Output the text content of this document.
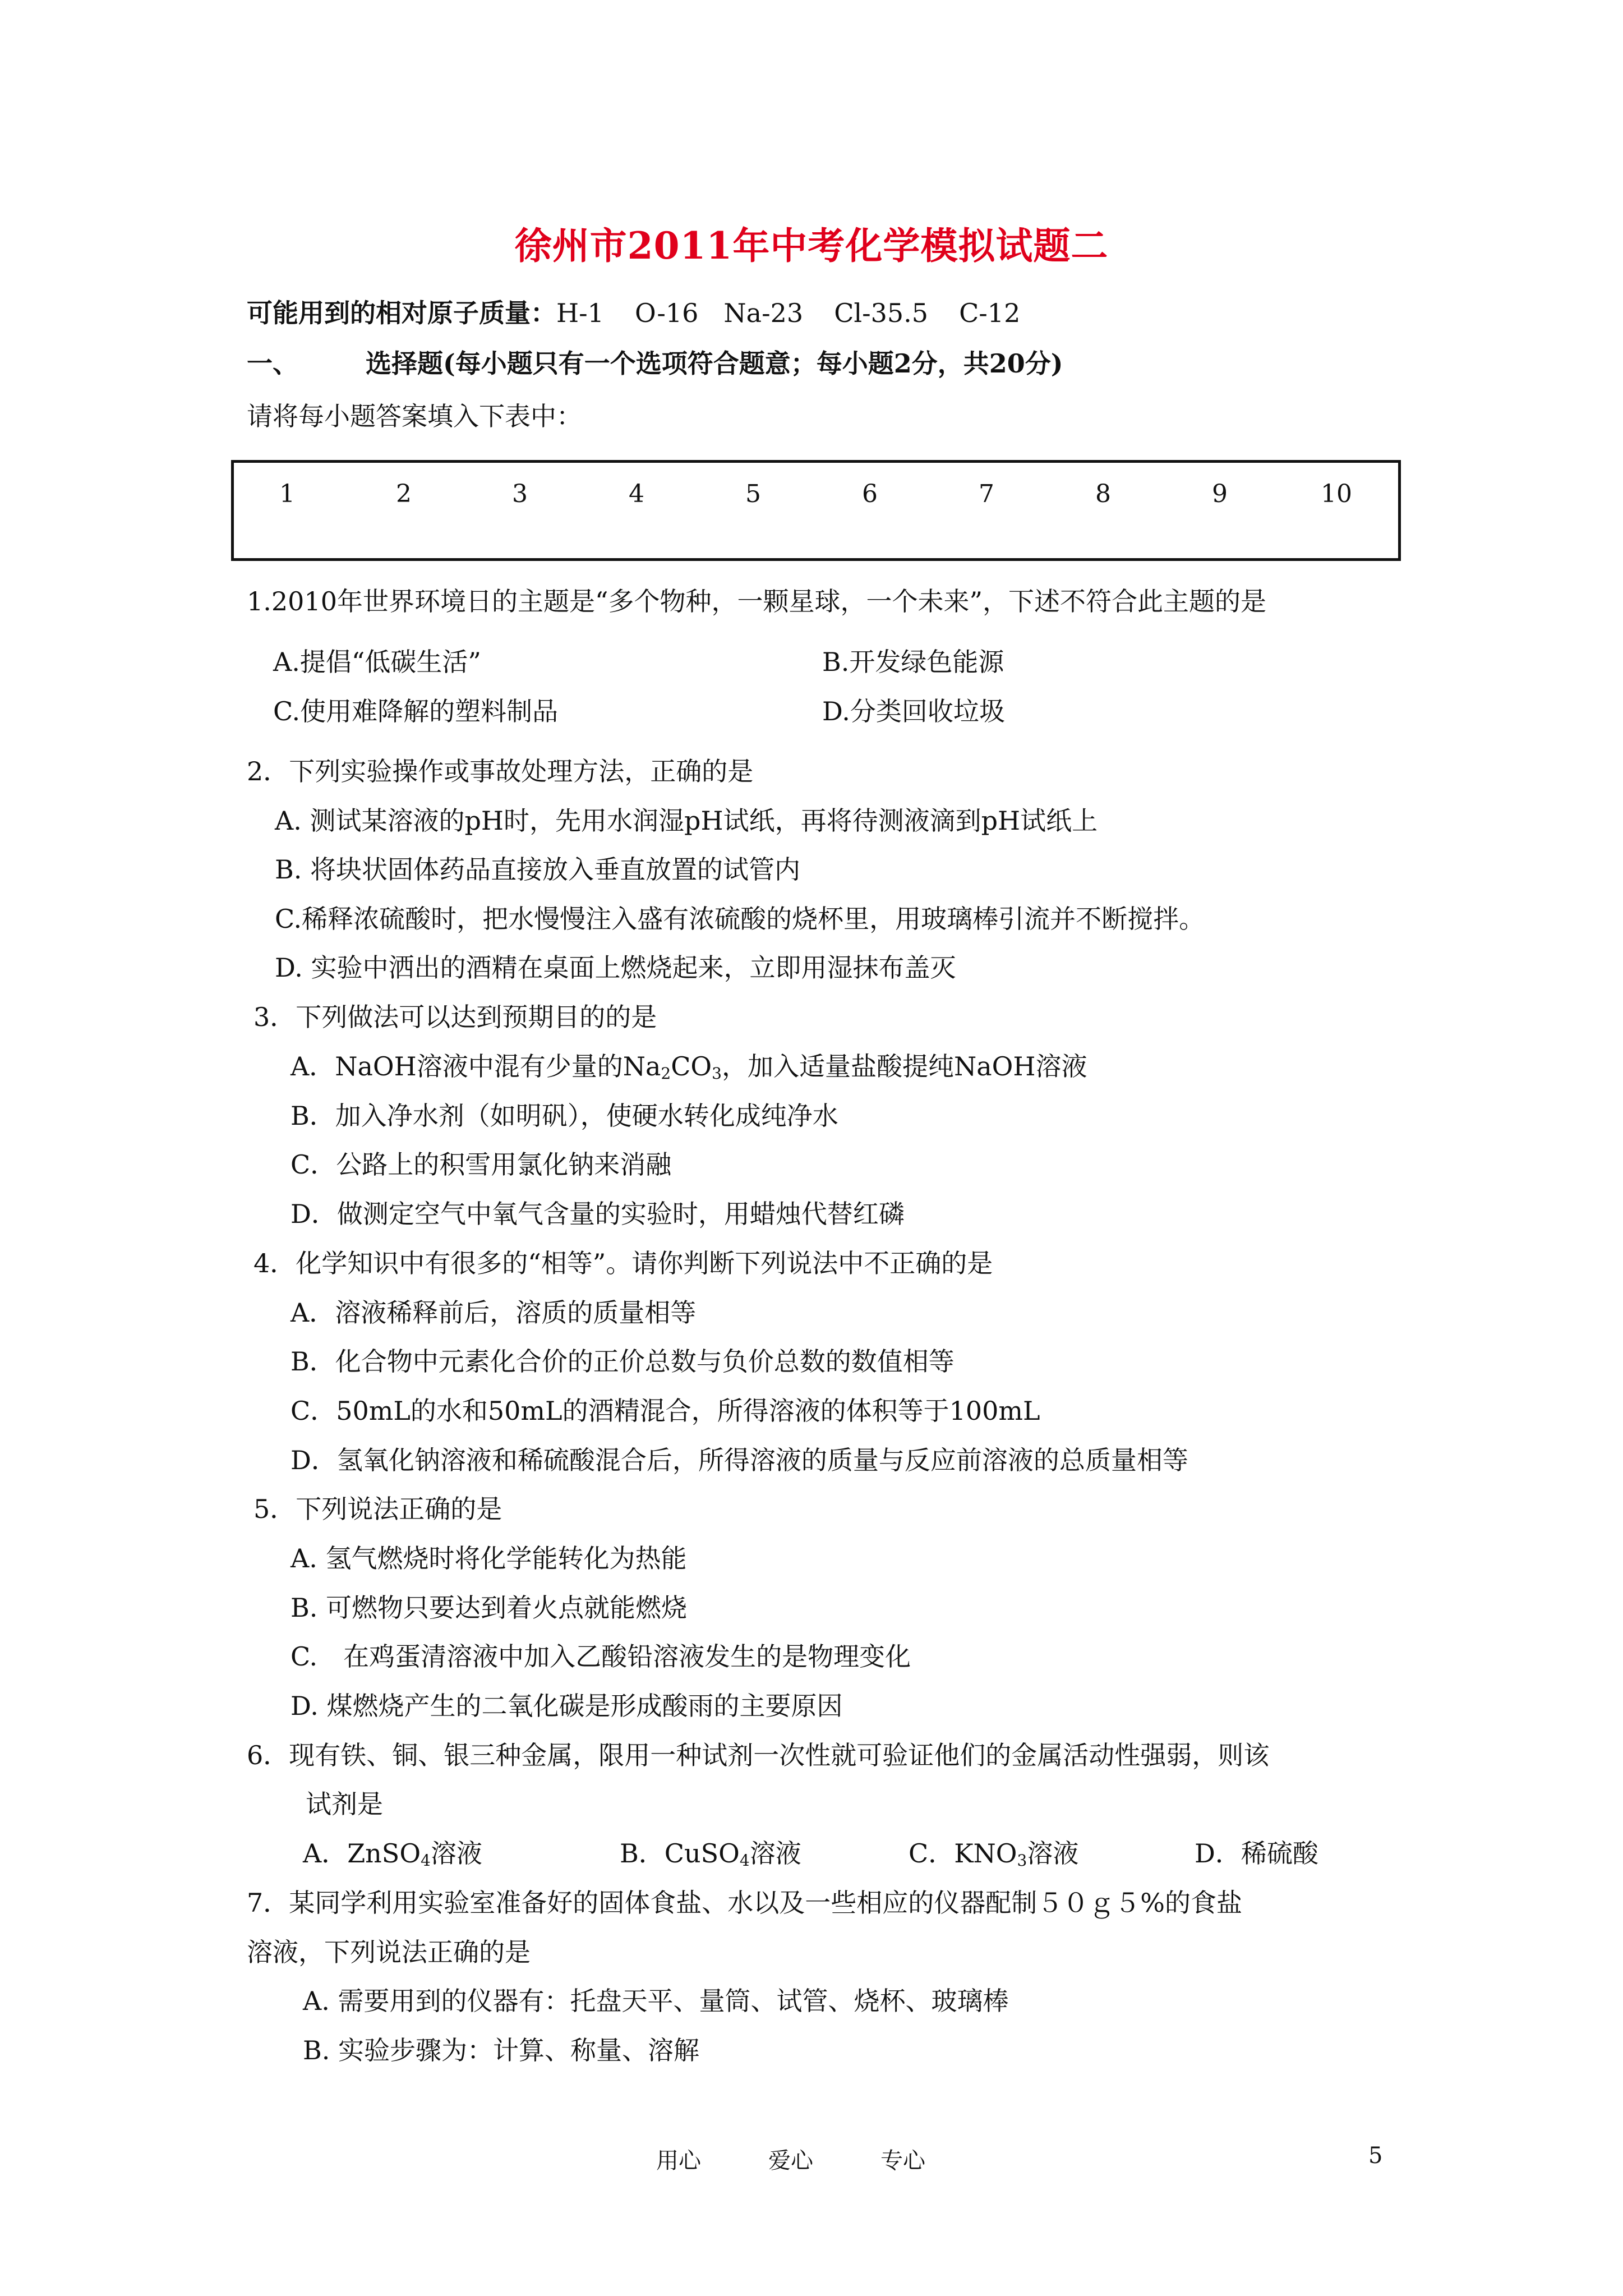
徐州市2011年中考化学模拟试题二
可能用到的相对原子质量：H-1 O-16 Na-23 Cl-35.5 C-12
一、	选择题(每小题只有一个选项符合题意；每小题2分，共20分)
请将每小题答案填入下表中：
1	2	3	4	5	6	7	8	9	10
1.2010年世界环境日的主题是“多个物种，一颗星球，一个未来”，下述不符合此主题的是
A.提倡“低碳生活”	B.开发绿色能源
C.使用难降解的塑料制品	D.分类回收垃圾
2．下列实验操作或事故处理方法，正确的是
A. 测试某溶液的pH时，先用水润湿pH试纸，再将待测液滴到pH试纸上
B. 将块状固体药品直接放入垂直放置的试管内
C.稀释浓硫酸时，把水慢慢注入盛有浓硫酸的烧杯里，用玻璃棒引流并不断搅拌。
D. 实验中洒出的酒精在桌面上燃烧起来，立即用湿抹布盖灭
3．下列做法可以达到预期目的的是
A．NaOH溶液中混有少量的$Na_2CO_3$，加入适量盐酸提纯NaOH溶液
B．加入净水剂（如明矾），使硬水转化成纯净水
C．公路上的积雪用氯化钠来消融
D．做测定空气中氧气含量的实验时，用蜡烛代替红磷
4．化学知识中有很多的“相等”。请你判断下列说法中不正确的是
A．溶液稀释前后，溶质的质量相等
B．化合物中元素化合价的正价总数与负价总数的数值相等
C．50mL的水和50mL的酒精混合，所得溶液的体积等于100mL
D．氢氧化钠溶液和稀硫酸混合后，所得溶液的质量与反应前溶液的总质量相等
5．下列说法正确的是
A. 氢气燃烧时将化学能转化为热能
B. 可燃物只要达到着火点就能燃烧
C.　在鸡蛋清溶液中加入乙酸铅溶液发生的是物理变化
D. 煤燃烧产生的二氧化碳是形成酸雨的主要原因
6．现有铁、铜、银三种金属，限用一种试剂一次性就可验证他们的金属活动性强弱，则该
试剂是
A．ZnSO$_4$溶液	B．CuSO$_4$溶液	C．$KNO_3$溶液	D．稀硫酸
7．某同学利用实验室准备好的固体食盐、水以及一些相应的仪器配制５０ｇ５%的食盐
溶液，下列说法正确的是
A. 需要用到的仪器有：托盘天平、量筒、试管、烧杯、玻璃棒
B. 实验步骤为：计算、称量、溶解
用心	爱心	专心	5
